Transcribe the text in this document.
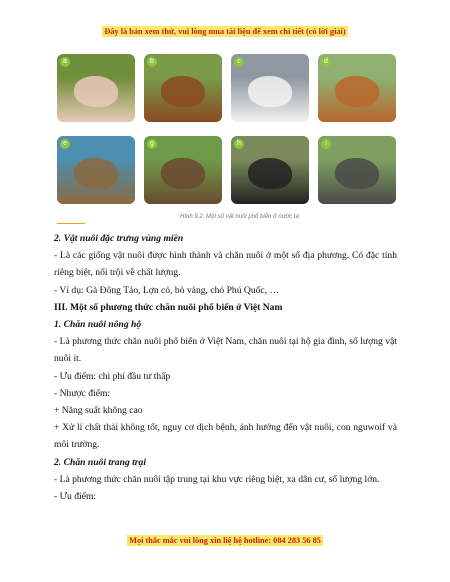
Đây là bản xem thử, vui lòng mua tài liệu để xem chi tiết (có lời giải)
a	b	c	d
e	g	h	i
Hình 9.2. Một số vật nuôi phổ biến ở nước ta

2. Vật nuôi đặc trưng vùng miền

- Là các giống vật nuôi được hình thành và chăn nuôi ở một số địa phương. Có đặc tính riêng biệt, nổi trội về chất lượng.

- Ví dụ: Gà Đông Tảo, Lợn cỏ, bò vàng, chó Phú Quốc, …

III. Một số phương thức chăn nuôi phổ biến ở Việt Nam

1. Chăn nuôi nông hộ

- Là phương thức chăn nuôi phổ biến ở Việt Nam, chăn nuôi tại hộ gia đình, số lượng vật nuôi ít.

- Ưu điểm: chi phí đầu tư thấp

- Nhược điểm:

+ Năng suất không cao

+ Xử lí chất thải không tốt, nguy cơ dịch bệnh, ảnh hưởng đến vật nuôi, con nguwoif và môi trường.

2. Chăn nuôi trang trại

- Là phương thức chăn nuôi tập trung tại khu vực riêng biệt, xa dân cư, số lượng lớn.

- Ưu điểm:

Mọi thắc mắc vui lòng xin liệ hệ hotline: 084 283 56 85
